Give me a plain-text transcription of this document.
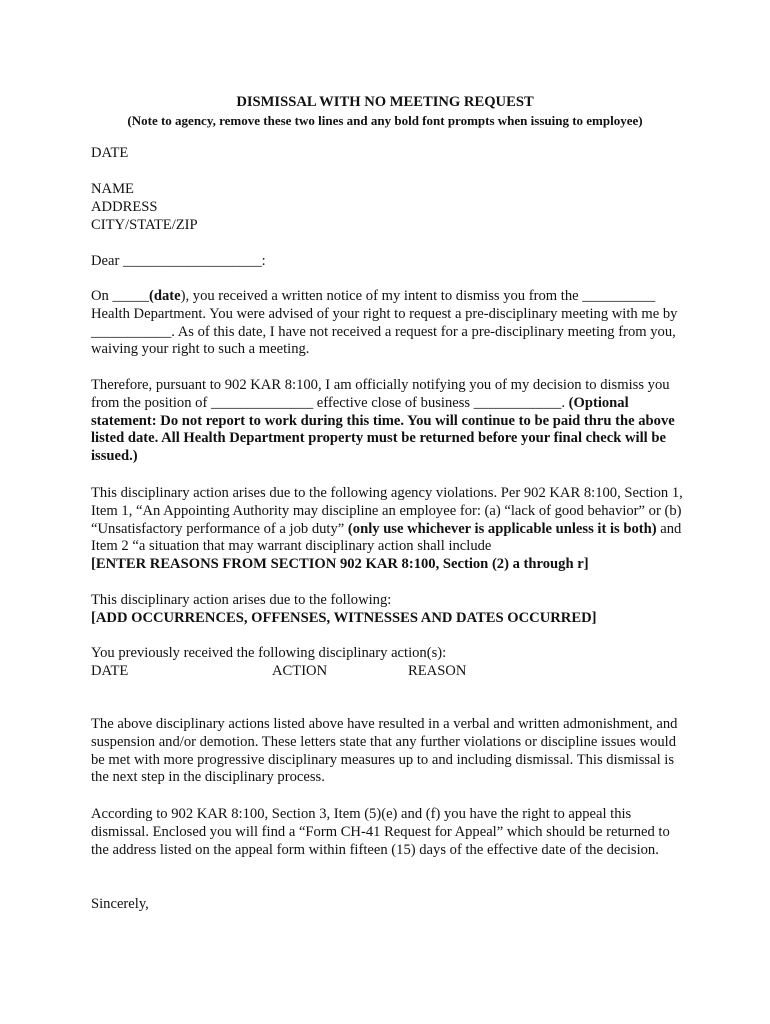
DISMISSAL WITH NO MEETING REQUEST

(Note to agency, remove these two lines and any bold font prompts when issuing to employee)

DATE

NAME
ADDRESS
CITY/STATE/ZIP

Dear ___________________:

On _____(date), you received a written notice of my intent to dismiss you from the __________ Health Department. You were advised of your right to request a pre-disciplinary meeting with me by ___________. As of this date, I have not received a request for a pre-disciplinary meeting from you, waiving your right to such a meeting.

Therefore, pursuant to 902 KAR 8:100, I am officially notifying you of my decision to dismiss you from the position of ______________ effective close of business ____________. (Optional statement: Do not report to work during this time. You will continue to be paid thru the above listed date. All Health Department property must be returned before your final check will be issued.)

This disciplinary action arises due to the following agency violations. Per 902 KAR 8:100, Section 1, Item 1, “An Appointing Authority may discipline an employee for: (a) “lack of good behavior” or (b) “Unsatisfactory performance of a job duty” (only use whichever is applicable unless it is both) and Item 2 “a situation that may warrant disciplinary action shall include
[ENTER REASONS FROM SECTION 902 KAR 8:100, Section (2) a through r]

This disciplinary action arises due to the following:
[ADD OCCURRENCES, OFFENSES, WITNESSES AND DATES OCCURRED]
You previously received the following disciplinary action(s):
DATE	ACTION	REASON

The above disciplinary actions listed above have resulted in a verbal and written admonishment, and suspension and/or demotion. These letters state that any further violations or discipline issues would be met with more progressive disciplinary measures up to and including dismissal. This dismissal is the next step in the disciplinary process.

According to 902 KAR 8:100, Section 3, Item (5)(e) and (f) you have the right to appeal this dismissal. Enclosed you will find a “Form CH-41 Request for Appeal” which should be returned to the address listed on the appeal form within fifteen (15) days of the effective date of the decision.

Sincerely,
